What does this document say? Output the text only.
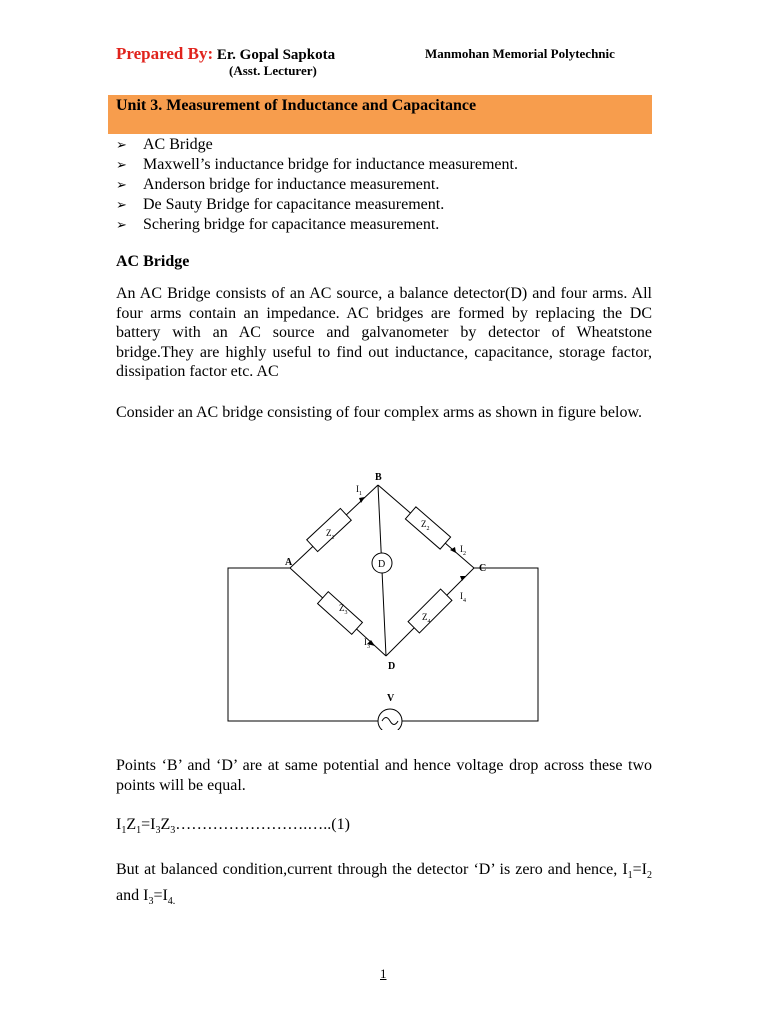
Prepared By: Er. Gopal Sapkota	Manmohan Memorial Polytechnic
(Asst. Lecturer)
Unit 3. Measurement of Inductance and Capacitance
➢ AC Bridge
➢ Maxwell’s inductance bridge for inductance measurement.
➢ Anderson bridge for inductance measurement.
➢ De Sauty Bridge for capacitance measurement.
➢ Schering bridge for capacitance measurement.
AC Bridge

An AC Bridge consists of an AC source, a balance detector(D) and four arms. All four arms contain an impedance. AC bridges are formed by replacing the DC battery with an AC source and galvanometer by detector of Wheatstone bridge.They are highly useful to find out inductance, capacitance, storage factor, dissipation factor etc. AC

Consider an AC bridge consisting of four complex arms as shown in figure below.

B
A
C
D
V
D
$Z_1$
$Z_2$
$Z_3$	$Z_4$
$I_1$
$I_2$
$I_3$
$I_4$

Points ‘B’ and ‘D’ are at same potential and hence voltage drop across these two points will be equal.

$I_1Z_1=I_3Z_3\dots\dots\dots\dots\dots\dots\dots\dots.\dots..(1)$

But at balanced condition,current through the detector ‘D’ is zero and hence, $I_1=I_2$ and $I_3=I_{4.}$

1
